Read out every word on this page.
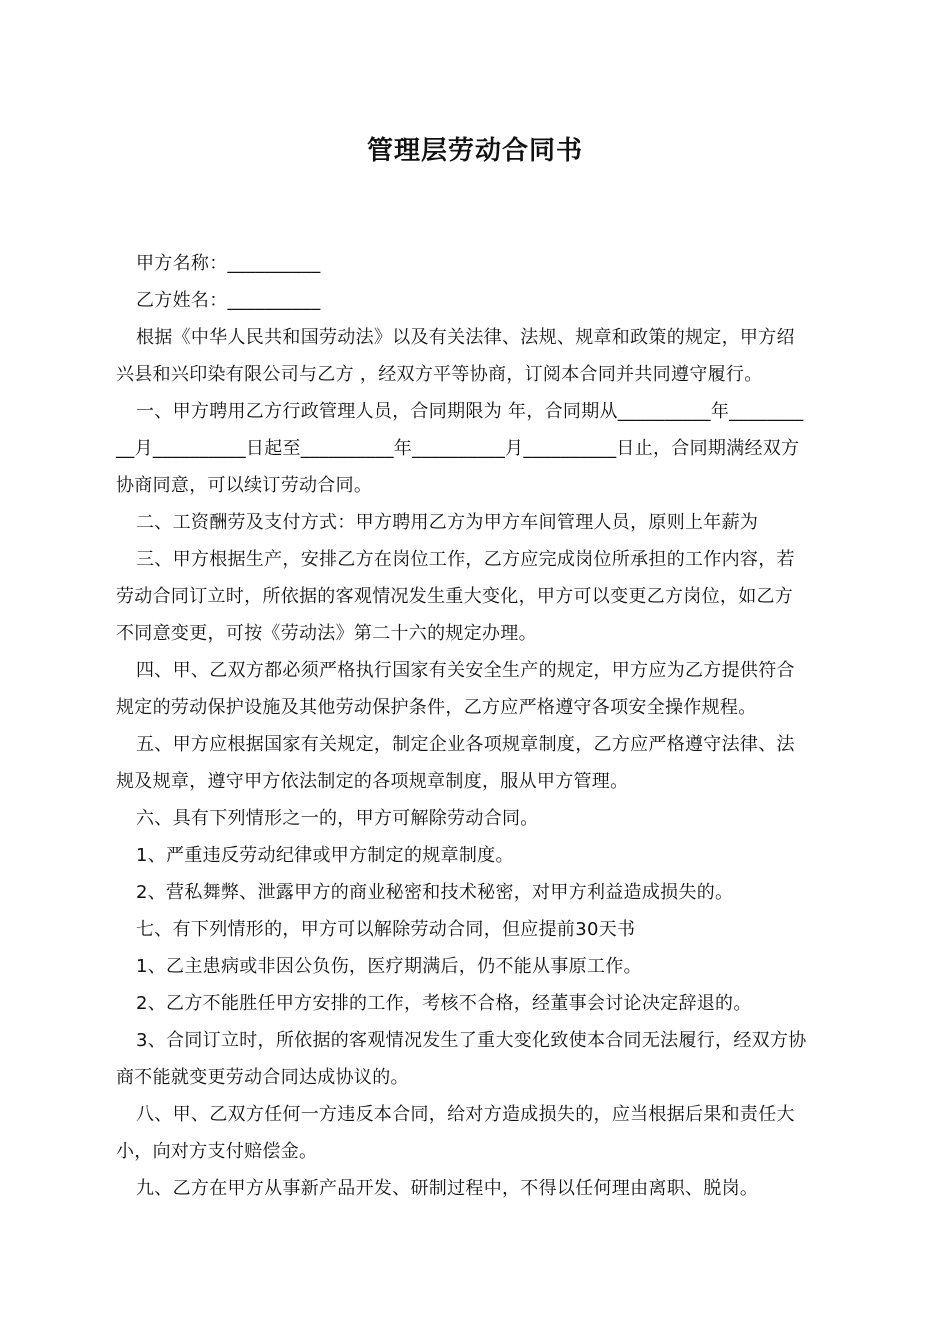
管理层劳动合同书
甲方名称：__________
乙方姓名：__________
根据《中华人民共和国劳动法》以及有关法律、法规、规章和政策的规定，甲方绍
兴县和兴印染有限公司与乙方 ，经双方平等协商，订阅本合同并共同遵守履行。
一、甲方聘用乙方行政管理人员，合同期限为 年，合同期从__________年________
__月__________日起至__________年__________月__________日止，合同期满经双方
协商同意，可以续订劳动合同。
二、工资酬劳及支付方式：甲方聘用乙方为甲方车间管理人员，原则上年薪为
三、甲方根据生产，安排乙方在岗位工作，乙方应完成岗位所承担的工作内容，若
劳动合同订立时，所依据的客观情况发生重大变化，甲方可以变更乙方岗位，如乙方
不同意变更，可按《劳动法》第二十六的规定办理。
四、甲、乙双方都必须严格执行国家有关安全生产的规定，甲方应为乙方提供符合
规定的劳动保护设施及其他劳动保护条件，乙方应严格遵守各项安全操作规程。
五、甲方应根据国家有关规定，制定企业各项规章制度，乙方应严格遵守法律、法
规及规章，遵守甲方依法制定的各项规章制度，服从甲方管理。
六、具有下列情形之一的，甲方可解除劳动合同。
1、严重违反劳动纪律或甲方制定的规章制度。
2、营私舞弊、泄露甲方的商业秘密和技术秘密，对甲方利益造成损失的。
七、有下列情形的，甲方可以解除劳动合同，但应提前30天书
1、乙主患病或非因公负伤，医疗期满后，仍不能从事原工作。
2、乙方不能胜任甲方安排的工作，考核不合格，经董事会讨论决定辞退的。
3、合同订立时，所依据的客观情况发生了重大变化致使本合同无法履行，经双方协
商不能就变更劳动合同达成协议的。
八、甲、乙双方任何一方违反本合同，给对方造成损失的，应当根据后果和责任大
小，向对方支付赔偿金。
九、乙方在甲方从事新产品开发、研制过程中，不得以任何理由离职、脱岗。
